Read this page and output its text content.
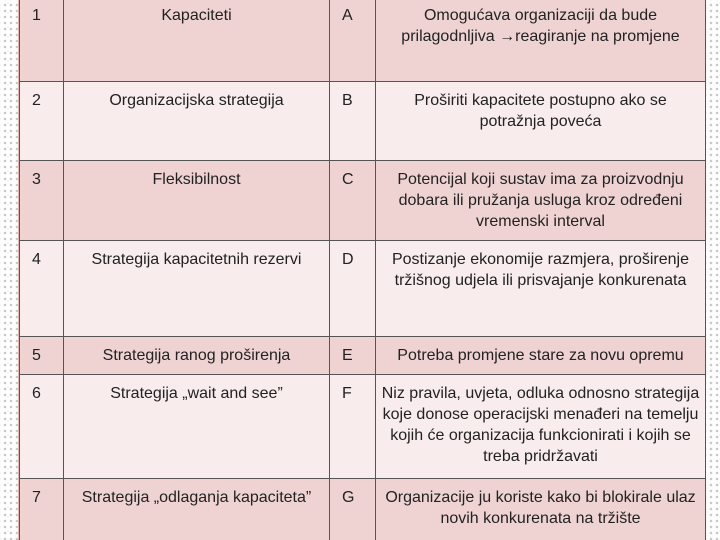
1	Kapaciteti	A	Omogućava organizaciji da bude prilagodnljiva →reagiranje na promjene
2	Organizacijska strategija	B	Proširiti kapacitete postupno ako se potražnja poveća
3	Fleksibilnost	C	Potencijal koji sustav ima za proizvodnju dobara ili pružanja usluga kroz određeni vremenski interval
4	Strategija kapacitetnih rezervi	D	Postizanje ekonomije razmjera, proširenje tržišnog udjela ili prisvajanje konkurenata
5	Strategija ranog proširenja	E	Potreba promjene stare za novu opremu
6	Strategija „wait and see”	F	Niz pravila, uvjeta, odluka odnosno strategija koje donose operacijski menađeri na temelju kojih će organizacija funkcionirati i kojih se treba pridržavati
7	Strategija „odlaganja kapaciteta”	G	Organizacije ju koriste kako bi blokirale ulaz novih konkurenata na tržište
